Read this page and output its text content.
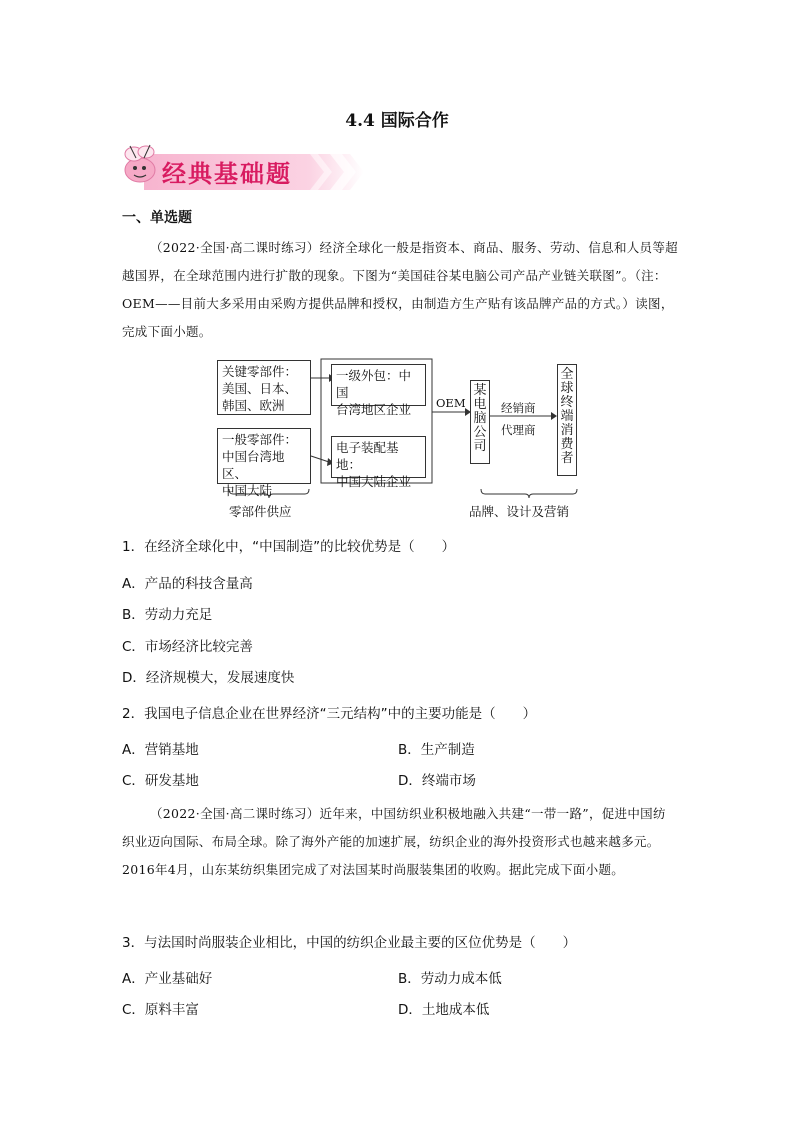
4.4 国际合作
经典基础题
一、单选题
（2022·全国·高二课时练习）经济全球化一般是指资本、商品、服务、劳动、信息和人员等超越国界，在全球范围内进行扩散的现象。下图为“美国硅谷某电脑公司产品产业链关联图”。（注：OEM——目前大多采用由采购方提供品牌和授权，由制造方生产贴有该品牌产品的方式。）读图，完成下面小题。
关键零部件：
美国、日本、
韩国、欧洲
一般零部件：
中国台湾地区、
中国大陆
一级外包：中国
台湾地区企业
电子装配基地：
中国大陆企业
OEM
某电脑公司
经销商
代理商
全球终端消费者
零部件供应	品牌、设计及营销
1．在经济全球化中，“中国制造”的比较优势是（　　）
A．产品的科技含量高
B．劳动力充足
C．市场经济比较完善
D．经济规模大，发展速度快
2．我国电子信息企业在世界经济“三元结构”中的主要功能是（　　）
A．营销基地	B．生产制造
C．研发基地	D．终端市场
（2022·全国·高二课时练习）近年来，中国纺织业积极地融入共建“一带一路”，促进中国纺织业迈向国际、布局全球。除了海外产能的加速扩展，纺织企业的海外投资形式也越来越多元。2016年4月，山东某纺织集团完成了对法国某时尚服装集团的收购。据此完成下面小题。
3．与法国时尚服装企业相比，中国的纺织企业最主要的区位优势是（　　）
A．产业基础好	B．劳动力成本低
C．原料丰富	D．土地成本低
